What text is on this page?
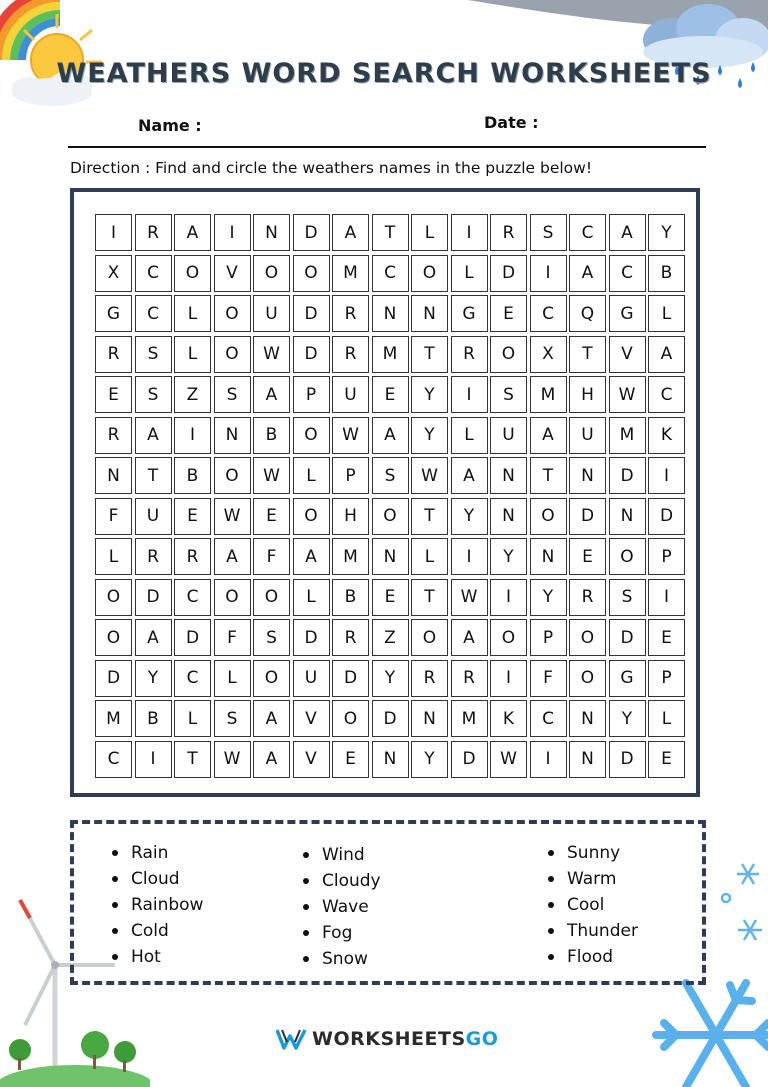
WEATHERS WORD SEARCH WORKSHEETS
Name :	Date :
Direction : Find and circle the weathers names in the puzzle below!
I	R	A	I	N	D	A	T	L	I	R	S	C	A	Y
X	C	O	V	O	O	M	C	O	L	D	I	A	C	B
G	C	L	O	U	D	R	N	N	G	E	C	Q	G	L
R	S	L	O	W	D	R	M	T	R	O	X	T	V	A
E	S	Z	S	A	P	U	E	Y	I	S	M	H	W	C
R	A	I	N	B	O	W	A	Y	L	U	A	U	M	K
N	T	B	O	W	L	P	S	W	A	N	T	N	D	I
F	U	E	W	E	O	H	O	T	Y	N	O	D	N	D
L	R	R	A	F	A	M	N	L	I	Y	N	E	O	P
O	D	C	O	O	L	B	E	T	W	I	Y	R	S	I
O	A	D	F	S	D	R	Z	O	A	O	P	O	D	E
D	Y	C	L	O	U	D	Y	R	R	I	F	O	G	P
M	B	L	S	A	V	O	D	N	M	K	C	N	Y	L
C	I	T	W	A	V	E	N	Y	D	W	I	N	D	E
Rain
Cloud
Rainbow
Cold
Hot
Wind
Cloudy
Wave
Fog
Snow
Sunny
Warm
Cool
Thunder
Flood
WORKSHEETS GO
